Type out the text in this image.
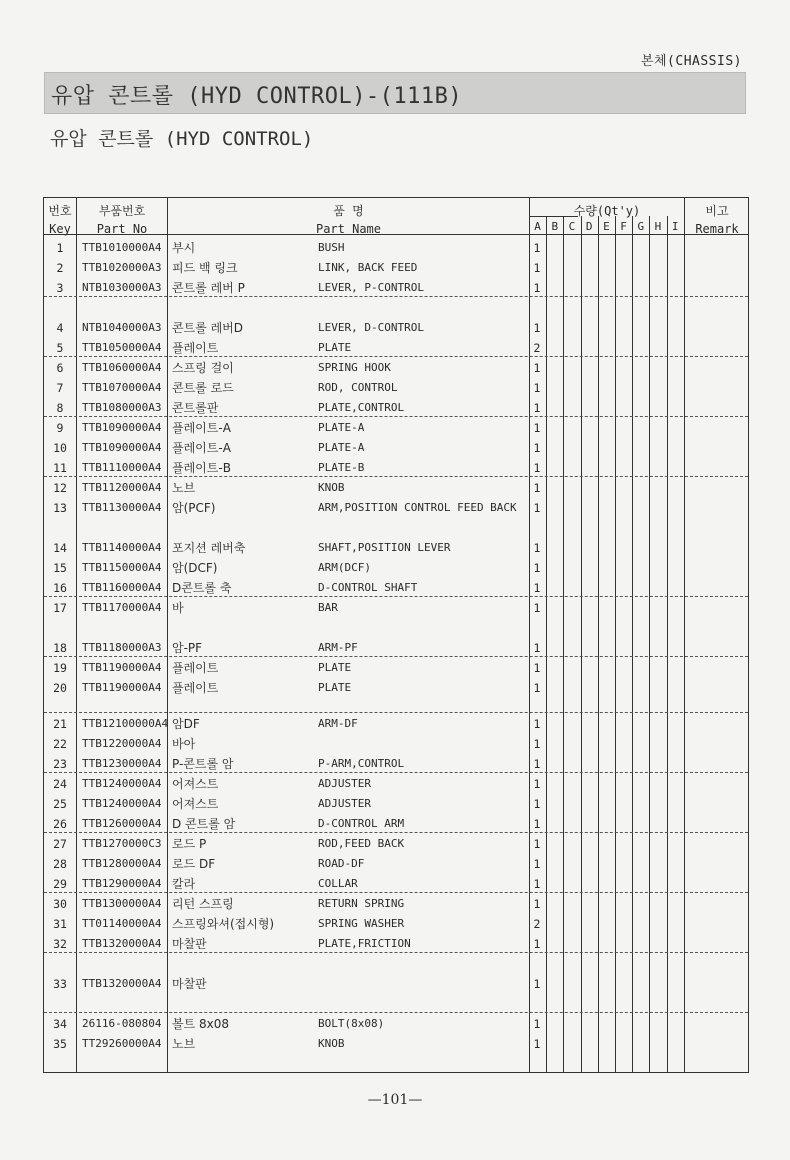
본체(CHASSIS)
유압 콘트롤 (HYD CONTROL)-(111B)
유압 콘트롤 (HYD CONTROL)
번호
Key
부품번호
Part No
품 명
Part Name
수량(Qt'y)	비고
Remark
A B C D E F G H I
1	TTB1010000A4 부시	BUSH	1
2	TTB1020000A3 피드 백 링크	LINK, BACK FEED	1
3	NTB1030000A3 콘트롤 레버 P	LEVER, P-CONTROL	1
4	NTB1040000A3 콘트롤 레버D	LEVER, D-CONTROL	1
5	TTB1050000A4 플레이트	PLATE	2
6	TTB1060000A4 스프링 걸이	SPRING HOOK	1
7	TTB1070000A4 콘트롤 로드	ROD, CONTROL	1
8	TTB1080000A3 콘트롤판	PLATE,CONTROL	1
9	TTB1090000A4 플레이트-A	PLATE-A	1
10	TTB1090000A4 플레이트-A	PLATE-A	1
11	TTB1110000A4 플레이트-B	PLATE-B	1
12	TTB1120000A4 노브	KNOB	1
13	TTB1130000A4 암(PCF)	ARM,POSITION CONTROL FEED BACK 1
14	TTB1140000A4 포지션 레버축	SHAFT,POSITION LEVER	1
15	TTB1150000A4 암(DCF)	ARM(DCF)	1
16	TTB1160000A4 D콘트롤 축	D-CONTROL SHAFT	1
17	TTB1170000A4 바	BAR	1
18	TTB1180000A3 암-PF	ARM-PF	1
19	TTB1190000A4 플레이트	PLATE	1
20	TTB1190000A4 플레이트	PLATE	1
21	TTB12100000A4 암DF	ARM-DF	1
22	TTB1220000A4 바아	1
23	TTB1230000A4 P-콘트롤 암	P-ARM,CONTROL	1
24	TTB1240000A4 어져스트	ADJUSTER	1
25	TTB1240000A4 어져스트	ADJUSTER	1
26	TTB1260000A4 D 콘트롤 암	D-CONTROL ARM	1
27	TTB1270000C3 로드 P	ROD,FEED BACK	1
28	TTB1280000A4 로드 DF	ROAD-DF	1
29	TTB1290000A4 칼라	COLLAR	1
30	TTB1300000A4 리턴 스프링	RETURN SPRING	1
31	TT01140000A4 스프링와셔(접시형)	SPRING WASHER	2
32	TTB1320000A4 마찰판	PLATE,FRICTION	1
33	TTB1320000A4 마찰판	1
34	26116-080804 볼트 8x08	BOLT(8x08)	1
35	TT29260000A4 노브	KNOB	1
—101—
